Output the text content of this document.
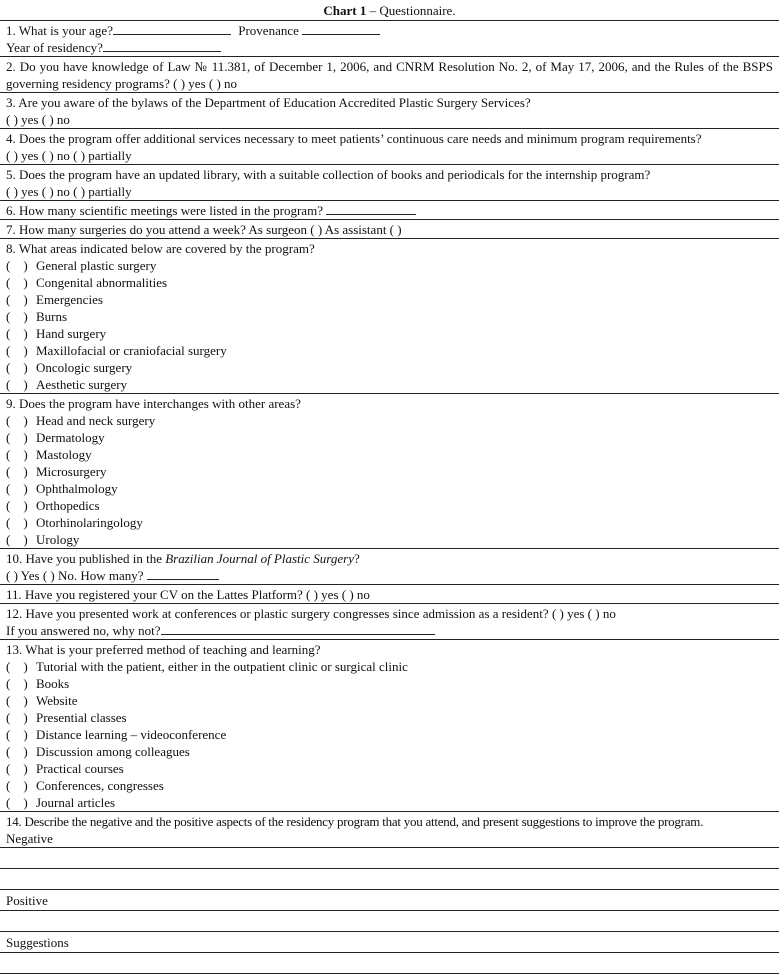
Chart 1 – Questionnaire.
1. What is your age?	Provenance
Year of residency?
2. Do you have knowledge of Law № 11.381, of December 1, 2006, and CNRM Resolution No. 2, of May 17, 2006, and the Rules of the BSPS governing residency programs? ( ) yes ( ) no
3. Are you aware of the bylaws of the Department of Education Accredited Plastic Surgery Services?
( ) yes ( ) no
4. Does the program offer additional services necessary to meet patients’ continuous care needs and minimum program requirements?
( ) yes ( ) no ( ) partially
5. Does the program have an updated library, with a suitable collection of books and periodicals for the internship program?
( ) yes ( ) no ( ) partially
6. How many scientific meetings were listed in the program?
7. How many surgeries do you attend a week? As surgeon ( ) As assistant ( )
8. What areas indicated below are covered by the program?
( ) General plastic surgery
( ) Congenital abnormalities
( ) Emergencies
( ) Burns
( ) Hand surgery
( ) Maxillofacial or craniofacial surgery
( ) Oncologic surgery
( ) Aesthetic surgery
9. Does the program have interchanges with other areas?
( ) Head and neck surgery
( ) Dermatology
( ) Mastology
( ) Microsurgery
( ) Ophthalmology
( ) Orthopedics
( ) Otorhinolaringology
( ) Urology
10. Have you published in the Brazilian Journal of Plastic Surgery?
( ) Yes ( ) No. How many?
11. Have you registered your CV on the Lattes Platform? ( ) yes ( ) no
12. Have you presented work at conferences or plastic surgery congresses since admission as a resident? ( ) yes ( ) no
If you answered no, why not?
13. What is your preferred method of teaching and learning?
( ) Tutorial with the patient, either in the outpatient clinic or surgical clinic
( ) Books
( ) Website
( ) Presential classes
( ) Distance learning – videoconference
( ) Discussion among colleagues
( ) Practical courses
( ) Conferences, congresses
( ) Journal articles
14. Describe the negative and the positive aspects of the residency program that you attend, and present suggestions to improve the program.
Negative
Positive
Suggestions
